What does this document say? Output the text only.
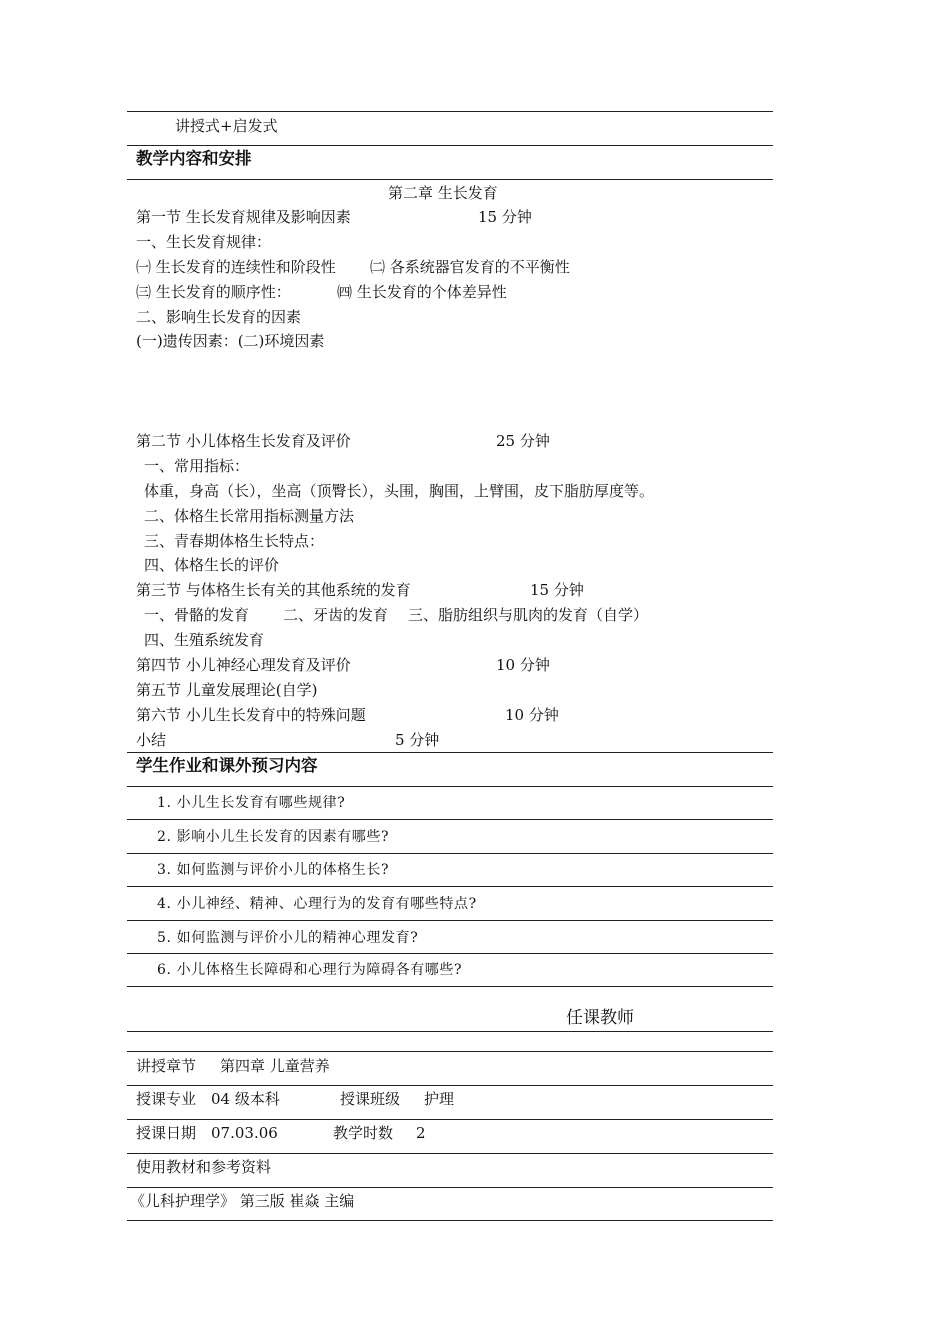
讲授式+启发式
教学内容和安排
第二章 生长发育
第一节 生长发育规律及影响因素	15 分钟
一、生长发育规律：
㈠ 生长发育的连续性和阶段性 ㈡ 各系统器官发育的不平衡性
㈢ 生长发育的顺序性：	㈣ 生长发育的个体差异性
二、影响生长发育的因素
(一)遗传因素：(二)环境因素
第二节 小儿体格生长发育及评价	25 分钟
一、常用指标：
体重，身高（长），坐高（顶臀长），头围，胸围，上臂围，皮下脂肪厚度等。
二、体格生长常用指标测量方法
三、青春期体格生长特点：
四、体格生长的评价
第三节 与体格生长有关的其他系统的发育	15 分钟
一、骨骼的发育 二、牙齿的发育 三、脂肪组织与肌肉的发育（自学）
四、生殖系统发育
第四节 小儿神经心理发育及评价	10 分钟
第五节 儿童发展理论(自学)
第六节 小儿生长发育中的特殊问题	10 分钟
小结	5 分钟
学生作业和课外预习内容
1. 小儿生长发育有哪些规律?
2. 影响小儿生长发育的因素有哪些?
3. 如何监测与评价小儿的体格生长?
4. 小儿神经、精神、心理行为的发育有哪些特点?
5. 如何监测与评价小儿的精神心理发育?
6. 小儿体格生长障碍和心理行为障碍各有哪些?
任课教师
讲授章节 第四章 儿童营养
授课专业 04 级本科	授课班级 护理
授课日期 07.03.06	教学时数 2
使用教材和参考资料
《儿科护理学》 第三版 崔焱 主编
